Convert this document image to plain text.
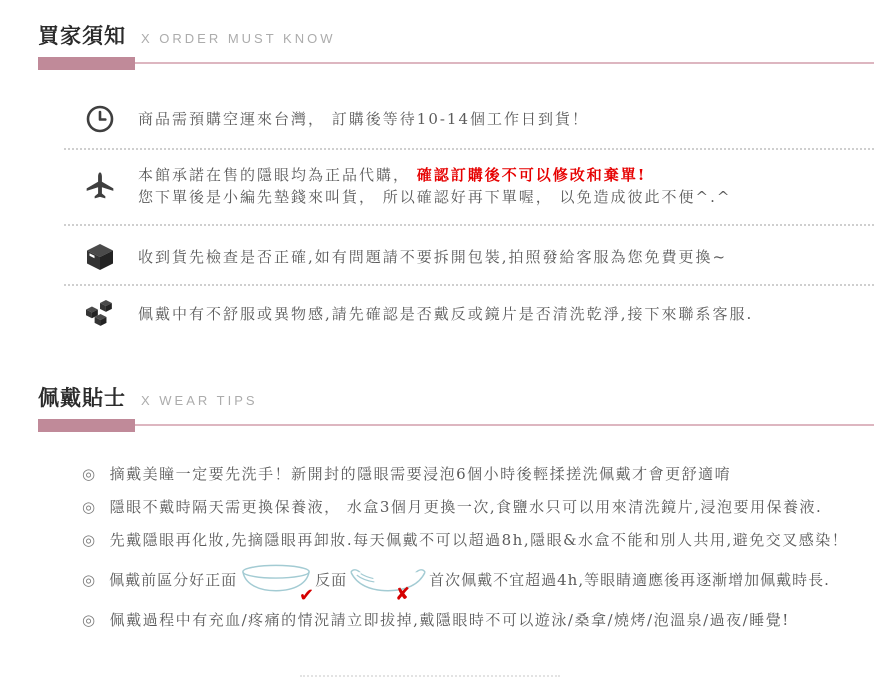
買家須知 X ORDER MUST KNOW
商品需預購空運來台灣， 訂購後等待10-14個工作日到貨！
本館承諾在售的隱眼均為正品代購， 確認訂購後不可以修改和棄單!
您下單後是小編先墊錢來叫貨， 所以確認好再下單喔， 以免造成彼此不便^.^
收到貨先檢查是否正確,如有問題請不要拆開包裝,拍照發給客服為您免費更換~
佩戴中有不舒服或異物感,請先確認是否戴反或鏡片是否清洗乾淨,接下來聯系客服.
佩戴貼士 X WEAR TIPS
◎ 摘戴美瞳一定要先洗手！新開封的隱眼需要浸泡6個小時後輕揉搓洗佩戴才會更舒適唷
◎ 隱眼不戴時隔天需更換保養液， 水盒3個月更換一次,食鹽水只可以用來清洗鏡片,浸泡要用保養液.
◎ 先戴隱眼再化妝,先摘隱眼再卸妝.每天佩戴不可以超過8h,隱眼&水盒不能和別人共用,避免交叉感染！
◎ 佩戴前區分好正面
✔
反面
✘
首次佩戴不宜超過4h,等眼睛適應後再逐漸增加佩戴時長.
◎ 佩戴過程中有充血/疼痛的情況請立即拔掉,戴隱眼時不可以遊泳/桑拿/燒烤/泡溫泉/過夜/睡覺!
